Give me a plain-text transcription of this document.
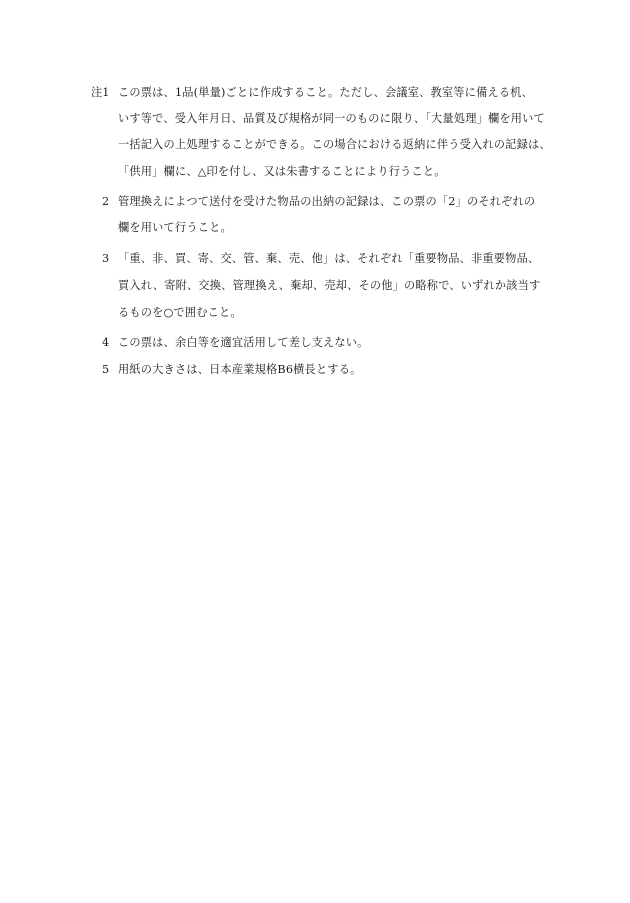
注1 この票は、1品(単量)ごとに作成すること。ただし、会議室、教室等に備える机、
いす等で、受入年月日、品質及び規格が同一のものに限り、「大量処理」欄を用いて
一括記入の上処理することができる。この場合における返納に伴う受入れの記録は、
「供用」欄に、△印を付し、又は朱書することにより行うこと。
2 管理換えによつて送付を受けた物品の出納の記録は、この票の「2」のそれぞれの
欄を用いて行うこと。
3 「重、非、買、寄、交、管、棄、売、他」は、それぞれ「重要物品、非重要物品、
買入れ、寄附、交換、管理換え、棄却、売却、その他」の略称で、いずれか該当す
るものを○で囲むこと。
4 この票は、余白等を適宜活用して差し支えない。
5 用紙の大きさは、日本産業規格B6横長とする。
